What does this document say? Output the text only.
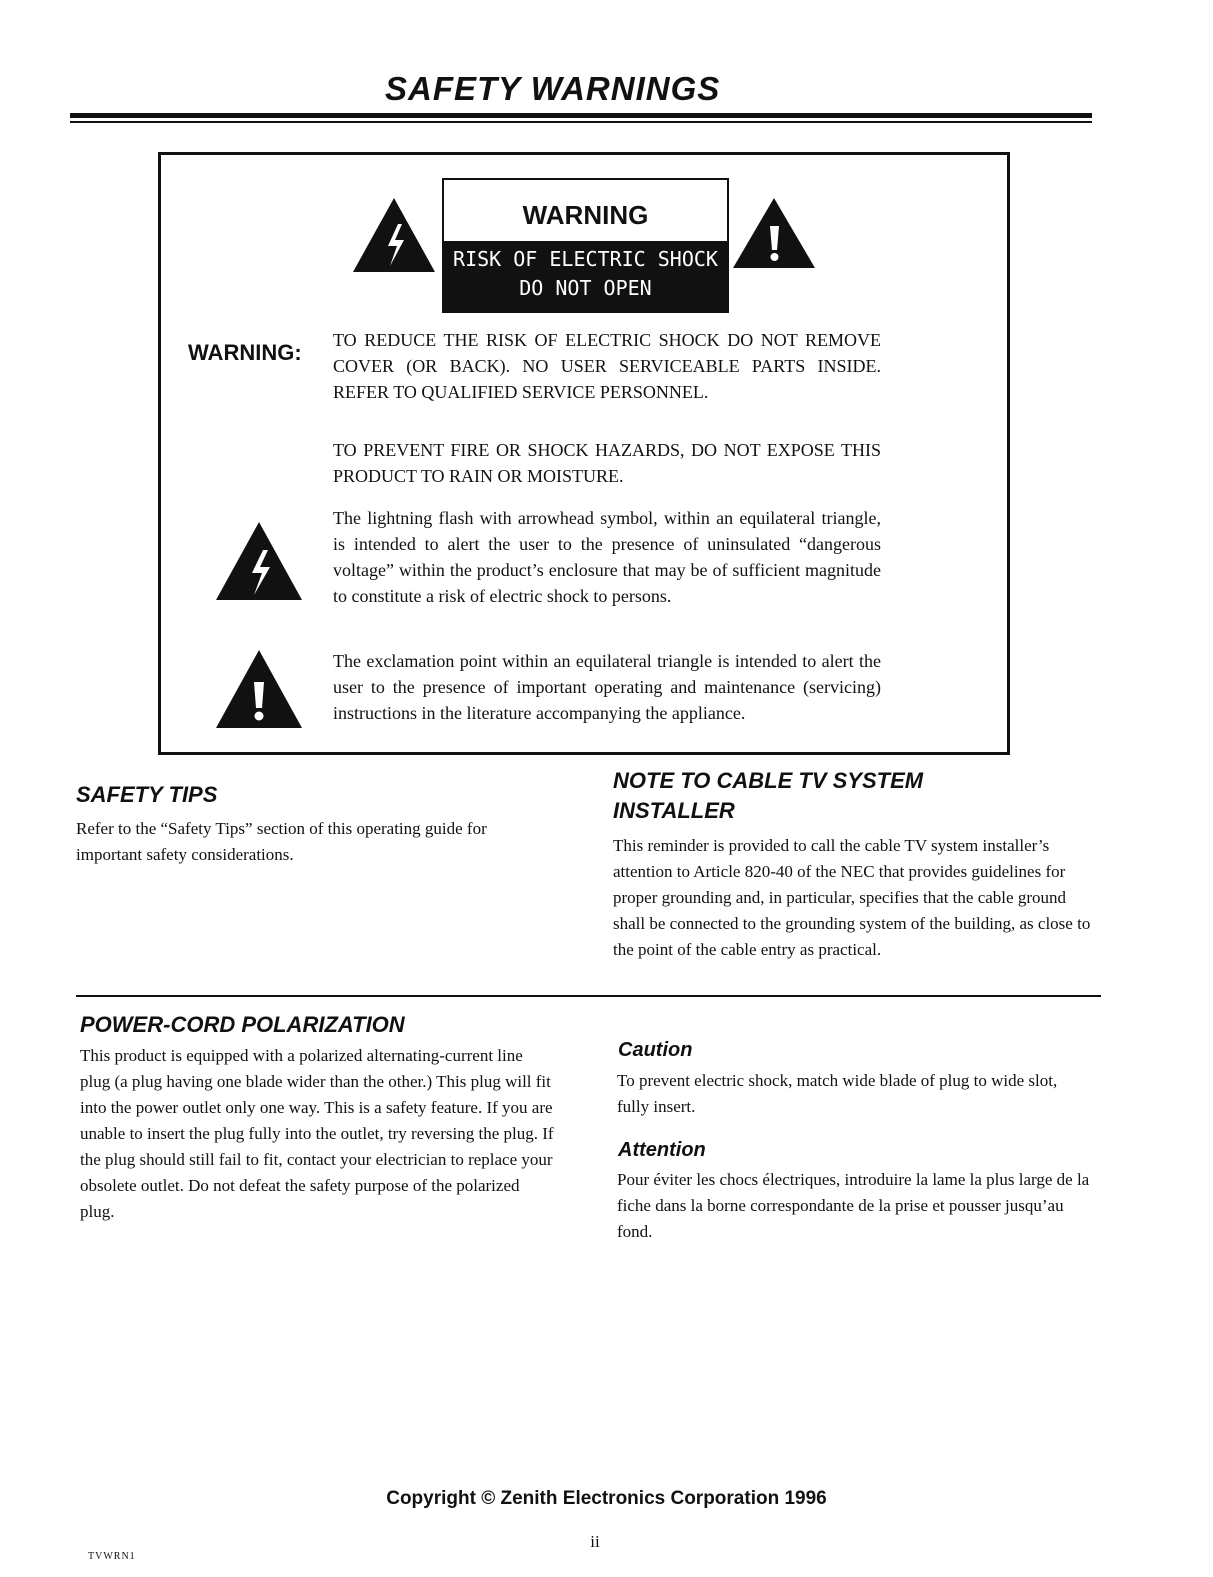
SAFETY WARNINGS
WARNING
RISK OF ELECTRIC SHOCK
DO NOT OPEN
WARNING: TO REDUCE THE RISK OF ELECTRIC SHOCK DO NOT REMOVE COVER (OR BACK). NO USER SERVICEABLE PARTS INSIDE. REFER TO QUALIFIED SERVICE PERSONNEL.
TO PREVENT FIRE OR SHOCK HAZARDS, DO NOT EXPOSE THIS PRODUCT TO RAIN OR MOISTURE.
The lightning flash with arrowhead symbol, within an equilateral triangle, is intended to alert the user to the presence of uninsulated “dangerous voltage” within the product’s enclosure that may be of sufficient magnitude to constitute a risk of electric shock to persons.
The exclamation point within an equilateral triangle is intended to alert the user to the presence of important operating and maintenance (servicing) instructions in the literature accompanying the appliance.
SAFETY TIPS
Refer to the “Safety Tips” section of this operating guide for important safety considerations.
NOTE TO CABLE TV SYSTEM INSTALLER
This reminder is provided to call the cable TV system installer’s attention to Article 820-40 of the NEC that provides guidelines for proper grounding and, in particular, specifies that the cable ground shall be connected to the grounding system of the building, as close to the point of the cable entry as practical.
POWER-CORD POLARIZATION
This product is equipped with a polarized alternating-current line plug (a plug having one blade wider than the other.) This plug will fit into the power outlet only one way. This is a safety feature. If you are unable to insert the plug fully into the outlet, try reversing the plug. If the plug should still fail to fit, contact your electrician to replace your obsolete outlet. Do not defeat the safety purpose of the polarized plug.
Caution
To prevent electric shock, match wide blade of plug to wide slot, fully insert.
Attention
Pour éviter les chocs électriques, introduire la lame la plus large de la fiche dans la borne correspondante de la prise et pousser jusqu’au fond.
Copyright © Zenith Electronics Corporation 1996
ii
TVWRN1
